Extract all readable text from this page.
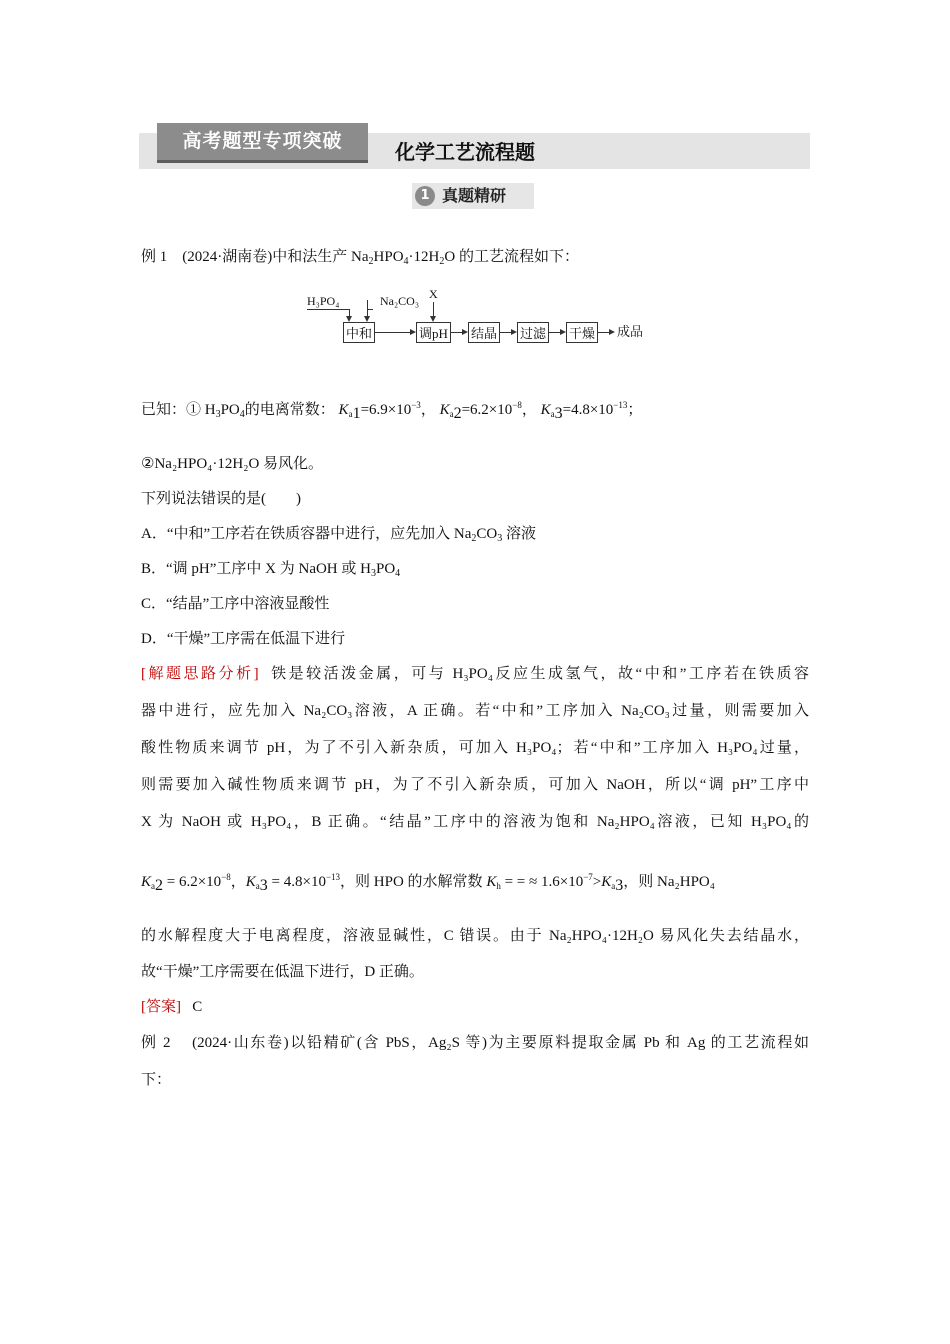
高考题型专项突破	化学工艺流程题
1 真题精研
例 1 (2024·湖南卷)中和法生产 $Na_2HPO_4\cdot 12H_2O$ 的工艺流程如下：
H₃PO₄	Na₂CO₃ X
中和	调pH 结晶 过滤 干燥 成品
已知：① $H_3PO_4$的电离常数： $K_a1=6.9\times 10^{-3}$， $K_a2=6.2\times 10^{-8}$， $K_a3=4.8\times 10^{-13}$；
②Na₂HPO₄·12H₂O 易风化。
下列说法错误的是(　　)
A．“中和”工序若在铁质容器中进行，应先加入 $Na_2CO_3$ 溶液
B．“调 pH”工序中 X 为 NaOH 或 $H_3PO_4$
C．“结晶”工序中溶液显酸性
D．“干燥”工序需在低温下进行
[解题思路分析] 铁是较活泼金属，可与 H₃PO₄反应生成氢气，故“中和”工序若在铁质容
器中进行，应先加入 Na₂CO₃溶液，A 正确。若“中和”工序加入 Na₂CO₃过量，则需要加入
酸性物质来调节 pH，为了不引入新杂质，可加入 H₃PO₄；若“中和”工序加入 H₃PO₄过量，
则需要加入碱性物质来调节 pH，为了不引入新杂质，可加入 NaOH，所以“调 pH”工序中
X 为 NaOH 或 H₃PO₄，B 正确。“结晶”工序中的溶液为饱和 Na₂HPO₄溶液，已知 H₃PO₄的
$K_a2 = 6.2\times 10^{-8}$，$K_a3 = 4.8\times 10^{-13}$，则 HPO 的水解常数 $K_h$ = = ≈ $1.6\times 10^{-7}>K_a3$，则 Na₂HPO₄
的水解程度大于电离程度，溶液显碱性，C 错误。由于 Na₂HPO₄·12H₂O 易风化失去结晶水，
故“干燥”工序需要在低温下进行，D 正确。
[答案] C
例 2 (2024·山东卷)以铅精矿(含 PbS，Ag₂S 等)为主要原料提取金属 Pb 和 Ag 的工艺流程如
下：
